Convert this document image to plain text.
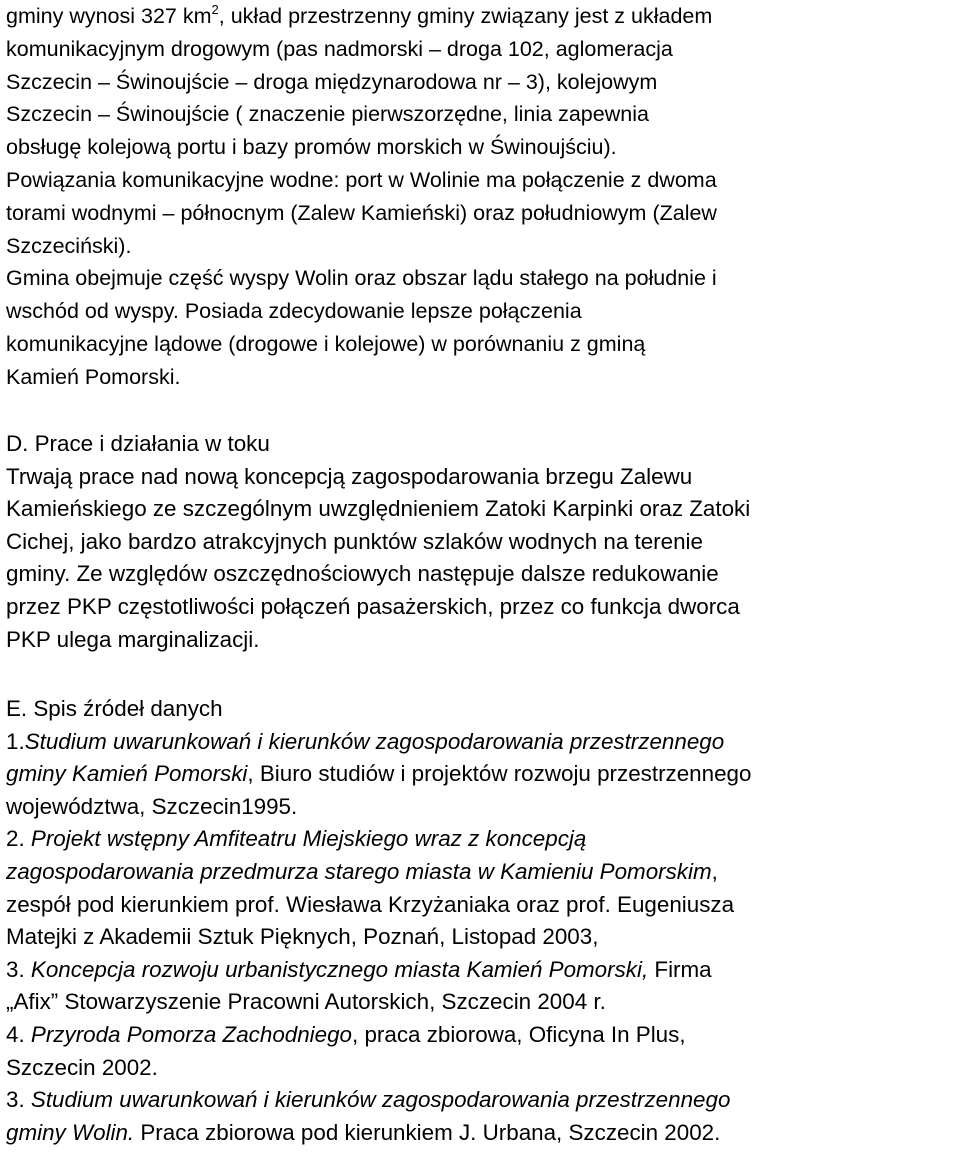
gminy wynosi 327 $km^2$, układ przestrzenny gminy związany jest z układem
komunikacyjnym drogowym (pas nadmorski – droga 102, aglomeracja
Szczecin – Świnoujście – droga międzynarodowa nr – 3), kolejowym
Szczecin – Świnoujście ( znaczenie pierwszorzędne, linia zapewnia
obsługę kolejową portu i bazy promów morskich w Świnoujściu).
Powiązania komunikacyjne wodne: port w Wolinie ma połączenie z dwoma
torami wodnymi – północnym (Zalew Kamieński) oraz południowym (Zalew
Szczeciński).
Gmina obejmuje część wyspy Wolin oraz obszar lądu stałego na południe i
wschód od wyspy. Posiada zdecydowanie lepsze połączenia
komunikacyjne lądowe (drogowe i kolejowe) w porównaniu z gminą
Kamień Pomorski.
D. Prace i działania w toku
Trwają prace nad nową koncepcją zagospodarowania brzegu Zalewu
Kamieńskiego ze szczególnym uwzględnieniem Zatoki Karpinki oraz Zatoki
Cichej, jako bardzo atrakcyjnych punktów szlaków wodnych na terenie
gminy. Ze względów oszczędnościowych następuje dalsze redukowanie
przez PKP częstotliwości połączeń pasażerskich, przez co funkcja dworca
PKP ulega marginalizacji.
E. Spis źródeł danych
1.Studium uwarunkowań i kierunków zagospodarowania przestrzennego
gminy Kamień Pomorski, Biuro studiów i projektów rozwoju przestrzennego
województwa, Szczecin1995.
2. Projekt wstępny Amfiteatru Miejskiego wraz z koncepcją
zagospodarowania przedmurza starego miasta w Kamieniu Pomorskim,
zespół pod kierunkiem prof. Wiesława Krzyżaniaka oraz prof. Eugeniusza
Matejki z Akademii Sztuk Pięknych, Poznań, Listopad 2003,
3. Koncepcja rozwoju urbanistycznego miasta Kamień Pomorski, Firma
„Afix” Stowarzyszenie Pracowni Autorskich, Szczecin 2004 r.
4. Przyroda Pomorza Zachodniego, praca zbiorowa, Oficyna In Plus,
Szczecin 2002.
3. Studium uwarunkowań i kierunków zagospodarowania przestrzennego
gminy Wolin. Praca zbiorowa pod kierunkiem J. Urbana, Szczecin 2002.
